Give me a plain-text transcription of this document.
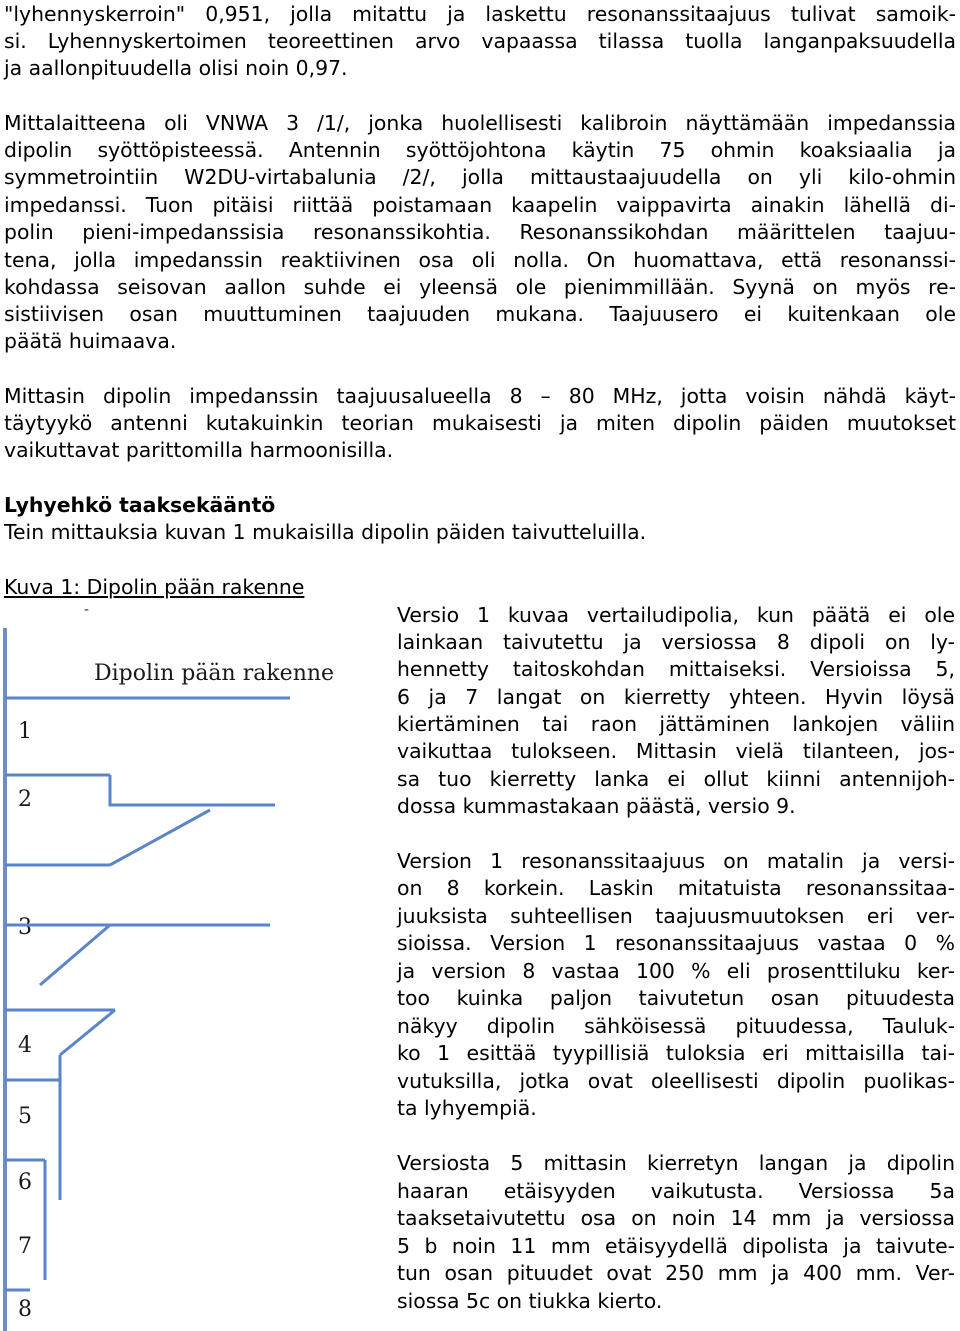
"lyhennyskerroin" 0,951, jolla mitattu ja laskettu resonanssitaajuus tulivat samoik-
si. Lyhennyskertoimen teoreettinen arvo vapaassa tilassa tuolla langanpaksuudella
ja aallonpituudella olisi noin 0,97.
Mittalaitteena oli VNWA 3 /1/, jonka huolellisesti kalibroin näyttämään impedanssia
dipolin syöttöpisteessä. Antennin syöttöjohtona käytin 75 ohmin koaksiaalia ja
symmetrointiin W2DU-virtabalunia /2/, jolla mittaustaajuudella on yli kilo-ohmin
impedanssi. Tuon pitäisi riittää poistamaan kaapelin vaippavirta ainakin lähellä di-
polin pieni-impedanssisia resonanssikohtia. Resonanssikohdan määrittelen taajuu-
tena, jolla impedanssin reaktiivinen osa oli nolla. On huomattava, että resonanssi-
kohdassa seisovan aallon suhde ei yleensä ole pienimmillään. Syynä on myös re-
sistiivisen osan muuttuminen taajuuden mukana. Taajuusero ei kuitenkaan ole
päätä huimaava.
Mittasin dipolin impedanssin taajuusalueella 8 – 80 MHz, jotta voisin nähdä käyt-
täytyykö antenni kutakuinkin teorian mukaisesti ja miten dipolin päiden muutokset
vaikuttavat parittomilla harmoonisilla.
Lyhyehkö taaksekääntö
Tein mittauksia kuvan 1 mukaisilla dipolin päiden taivutteluilla.
Kuva 1: Dipolin pään rakenne
-
Dipolin pään rakenne
1
2
3
4
5
6
7
8
Versio 1 kuvaa vertailudipolia, kun päätä ei ole
lainkaan taivutettu ja versiossa 8 dipoli on ly-
hennetty taitoskohdan mittaiseksi. Versioissa 5,
6 ja 7 langat on kierretty yhteen. Hyvin löysä
kiertäminen tai raon jättäminen lankojen väliin
vaikuttaa tulokseen. Mittasin vielä tilanteen, jos-
sa tuo kierretty lanka ei ollut kiinni antennijoh-
dossa kummastakaan päästä, versio 9.
Version 1 resonanssitaajuus on matalin ja versi-
on 8 korkein. Laskin mitatuista resonanssitaa-
juuksista suhteellisen taajuusmuutoksen eri ver-
sioissa. Version 1 resonanssitaajuus vastaa 0 %
ja version 8 vastaa 100 % eli prosenttiluku ker-
too kuinka paljon taivutetun osan pituudesta
näkyy dipolin sähköisessä pituudessa, Tauluk-
ko 1 esittää tyypillisiä tuloksia eri mittaisilla tai-
vutuksilla, jotka ovat oleellisesti dipolin puolikas-
ta lyhyempiä.
Versiosta 5 mittasin kierretyn langan ja dipolin
haaran etäisyyden vaikutusta. Versiossa 5a
taaksetaivutettu osa on noin 14 mm ja versiossa
5 b noin 11 mm etäisyydellä dipolista ja taivute-
tun osan pituudet ovat 250 mm ja 400 mm. Ver-
siossa 5c on tiukka kierto.
